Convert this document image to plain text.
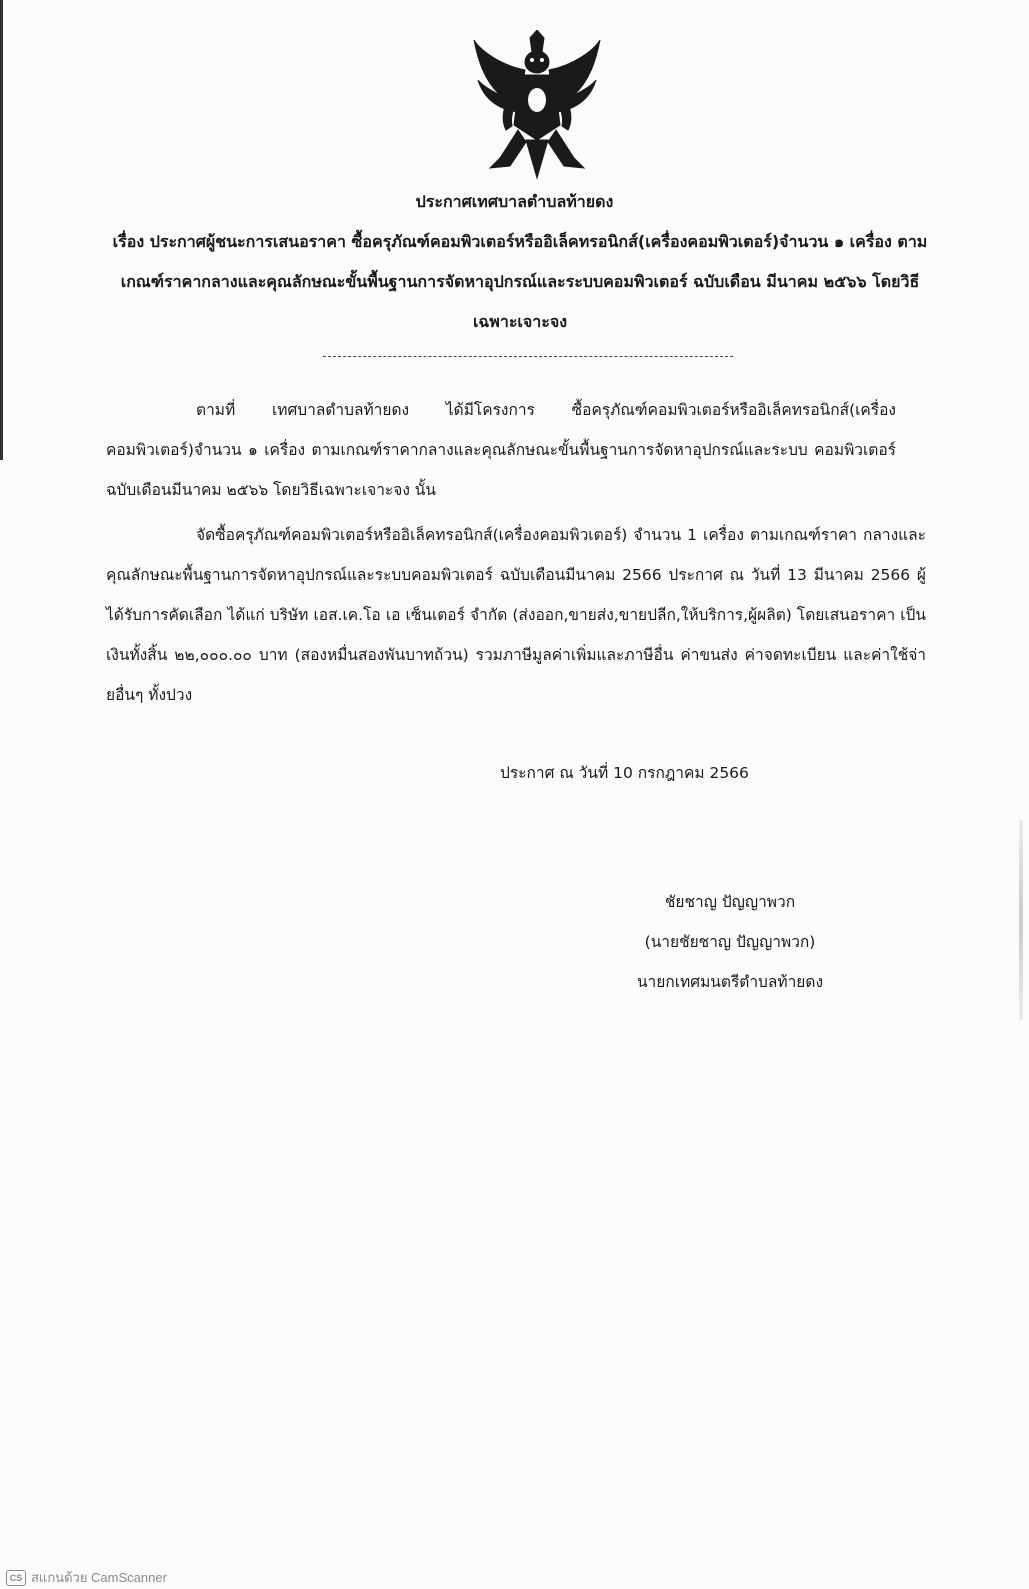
ประกาศเทศบาลตำบลท้ายดง
เรื่อง ประกาศผู้ชนะการเสนอราคา ซื้อครุภัณฑ์คอมพิวเตอร์หรืออิเล็คทรอนิกส์(เครื่องคอมพิวเตอร์)จำนวน ๑ เครื่อง ตามเกณฑ์ราคากลางและคุณลักษณะขั้นพื้นฐานการจัดหาอุปกรณ์และระบบคอมพิวเตอร์ ฉบับเดือน มีนาคม ๒๕๖๖ โดยวิธีเฉพาะเจาะจง
ตามที่ เทศบาลตำบลท้ายดง ได้มีโครงการ ซื้อครุภัณฑ์คอมพิวเตอร์หรืออิเล็คทรอนิกส์(เครื่อง คอมพิวเตอร์)จำนวน ๑ เครื่อง ตามเกณฑ์ราคากลางและคุณลักษณะขั้นพื้นฐานการจัดหาอุปกรณ์และระบบ คอมพิวเตอร์ ฉบับเดือนมีนาคม ๒๕๖๖ โดยวิธีเฉพาะเจาะจง นั้น
จัดซื้อครุภัณฑ์คอมพิวเตอร์หรืออิเล็คทรอนิกส์(เครื่องคอมพิวเตอร์) จำนวน 1 เครื่อง ตามเกณฑ์ราคา กลางและคุณลักษณะพื้นฐานการจัดหาอุปกรณ์และระบบคอมพิวเตอร์ ฉบับเดือนมีนาคม 2566 ประกาศ ณ วันที่ 13 มีนาคม 2566 ผู้ได้รับการคัดเลือก ได้แก่ บริษัท เอส.เค.โอ เอ เซ็นเตอร์ จำกัด (ส่งออก,ขายส่ง,ขายปลีก,ให้บริการ,ผู้ผลิต) โดยเสนอราคา เป็นเงินทั้งสิ้น ๒๒,๐๐๐.๐๐ บาท (สองหมื่นสองพันบาทถ้วน) รวมภาษีมูลค่าเพิ่มและภาษีอื่น ค่าขนส่ง ค่าจดทะเบียน และค่าใช้จ่ายอื่นๆ ทั้งปวง
ประกาศ ณ วันที่ 10 กรกฎาคม 2566
ชัยชาญ ปัญญาพวก
(นายชัยชาญ ปัญญาพวก)
นายกเทศมนตรีตำบลท้ายดง
CS สแกนด้วย CamScanner
